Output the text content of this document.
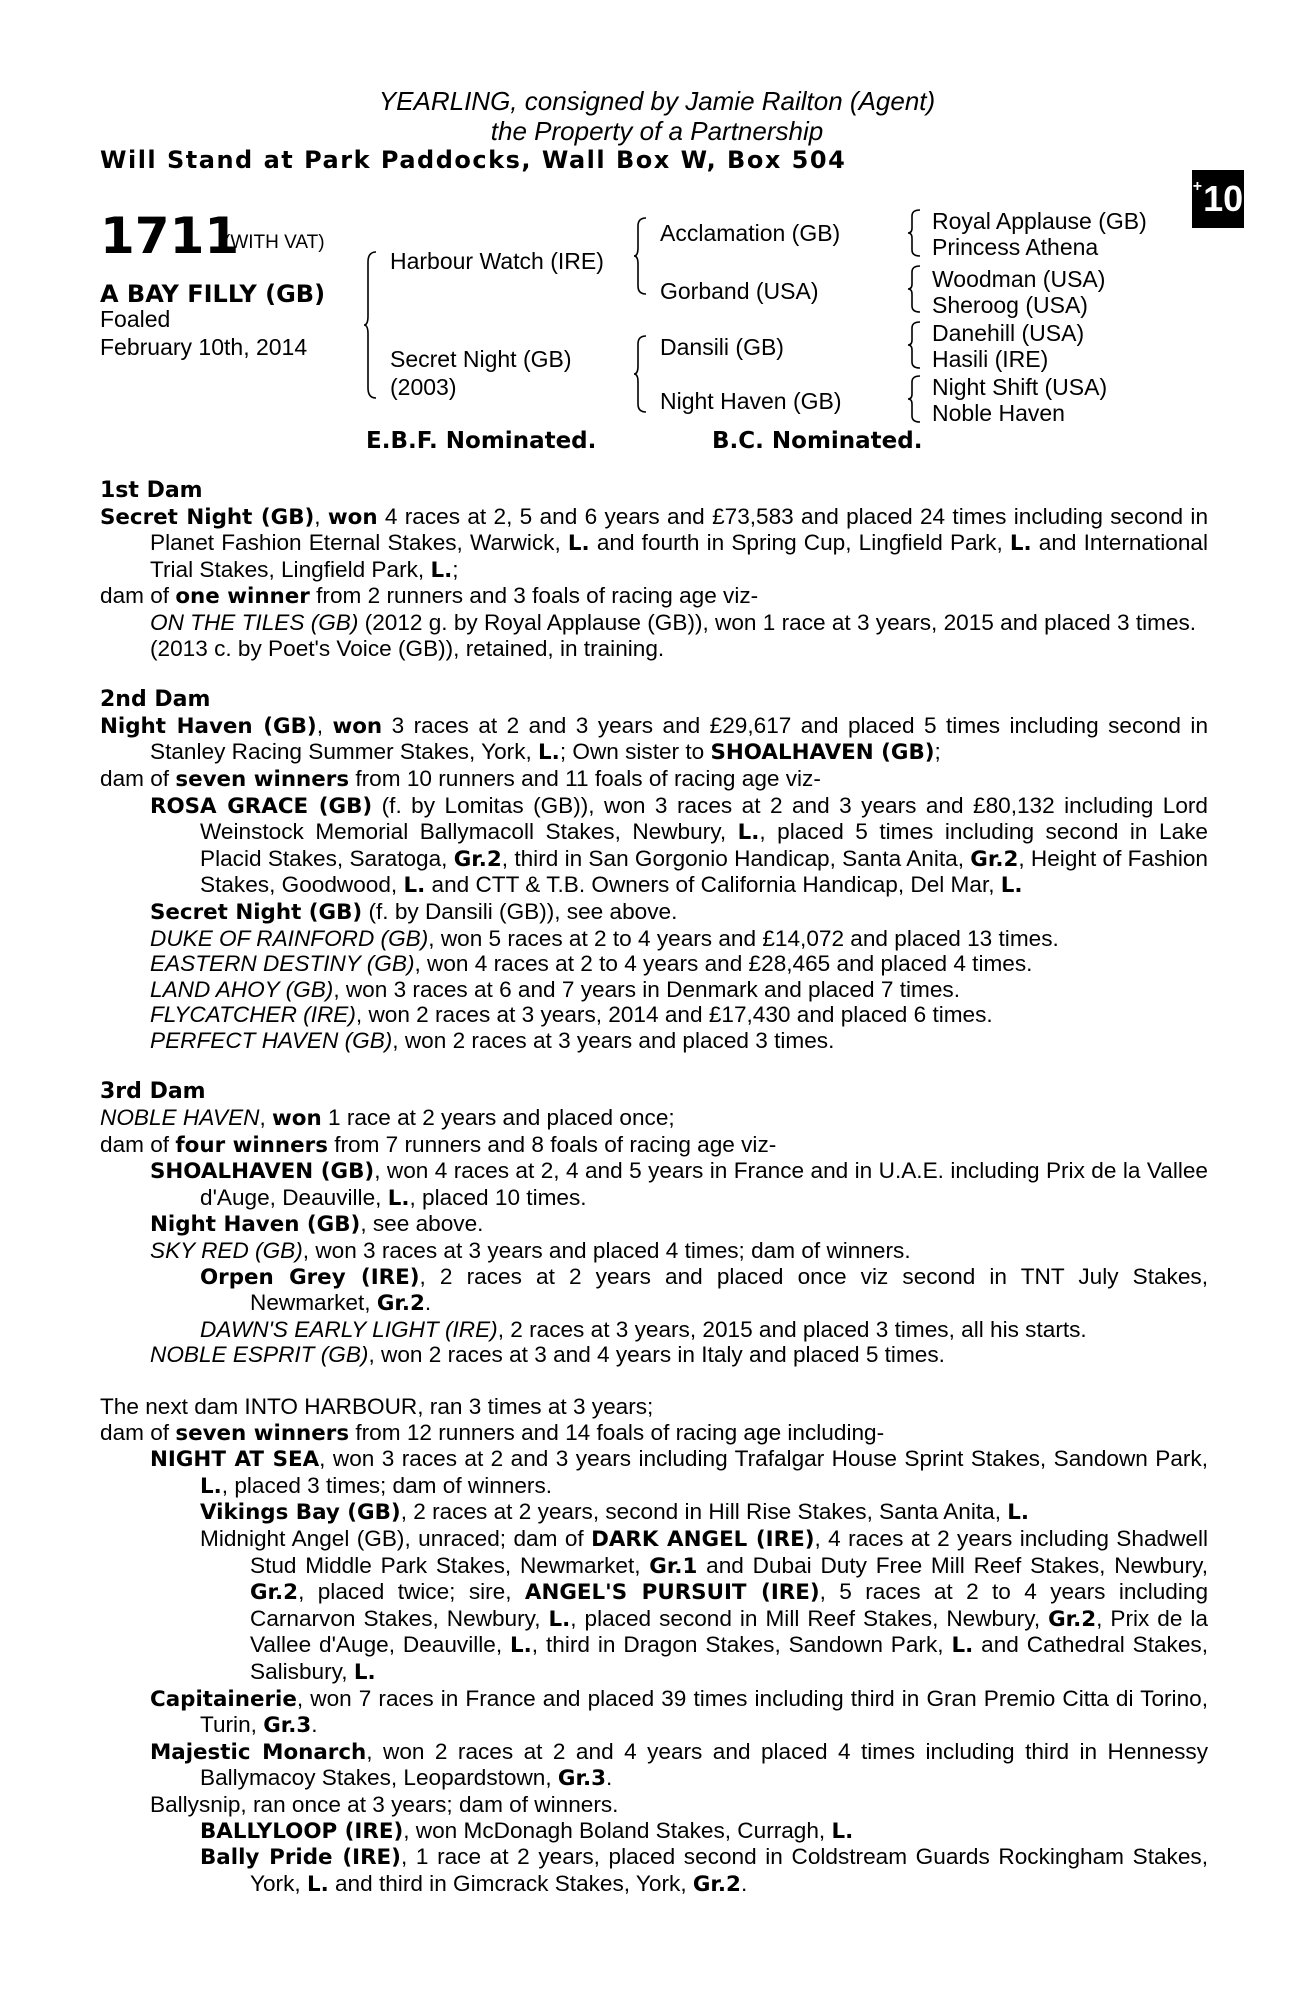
YEARLING, consigned by Jamie Railton (Agent)
the Property of a Partnership
Will Stand at Park Paddocks, Wall Box W, Box 504
+ 10
1711
(WITH VAT)
A BAY FILLY (GB)
Foaled
February 10th, 2014
Harbour Watch (IRE)
Secret Night (GB)
(2003)
Acclamation (GB)
Gorband (USA)
Dansili (GB)
Night Haven (GB)
Royal Applause (GB)
Princess Athena
Woodman (USA)
Sheroog (USA)
Danehill (USA)
Hasili (IRE)
Night Shift (USA)
Noble Haven
E.B.F. Nominated.	B.C. Nominated.
1st Dam
Secret Night (GB), won 4 races at 2, 5 and 6 years and £73,583 and placed 24 times including second in Planet Fashion Eternal Stakes, Warwick, L. and fourth in Spring Cup, Lingfield Park, L. and International Trial Stakes, Lingfield Park, L.;
dam of one winner from 2 runners and 3 foals of racing age viz-
ON THE TILES (GB) (2012 g. by Royal Applause (GB)), won 1 race at 3 years, 2015 and placed 3 times.
(2013 c. by Poet's Voice (GB)), retained, in training.
2nd Dam
Night Haven (GB), won 3 races at 2 and 3 years and £29,617 and placed 5 times including second in Stanley Racing Summer Stakes, York, L.; Own sister to SHOALHAVEN (GB);
dam of seven winners from 10 runners and 11 foals of racing age viz-
ROSA GRACE (GB) (f. by Lomitas (GB)), won 3 races at 2 and 3 years and £80,132 including Lord Weinstock Memorial Ballymacoll Stakes, Newbury, L., placed 5 times including second in Lake Placid Stakes, Saratoga, Gr.2, third in San Gorgonio Handicap, Santa Anita, Gr.2, Height of Fashion Stakes, Goodwood, L. and CTT & T.B. Owners of California Handicap, Del Mar, L.
Secret Night (GB) (f. by Dansili (GB)), see above.
DUKE OF RAINFORD (GB), won 5 races at 2 to 4 years and £14,072 and placed 13 times.
EASTERN DESTINY (GB), won 4 races at 2 to 4 years and £28,465 and placed 4 times.
LAND AHOY (GB), won 3 races at 6 and 7 years in Denmark and placed 7 times.
FLYCATCHER (IRE), won 2 races at 3 years, 2014 and £17,430 and placed 6 times.
PERFECT HAVEN (GB), won 2 races at 3 years and placed 3 times.
3rd Dam
NOBLE HAVEN, won 1 race at 2 years and placed once;
dam of four winners from 7 runners and 8 foals of racing age viz-
SHOALHAVEN (GB), won 4 races at 2, 4 and 5 years in France and in U.A.E. including Prix de la Vallee d'Auge, Deauville, L., placed 10 times.
Night Haven (GB), see above.
SKY RED (GB), won 3 races at 3 years and placed 4 times; dam of winners.
Orpen Grey (IRE), 2 races at 2 years and placed once viz second in TNT July Stakes, Newmarket, Gr.2.
DAWN'S EARLY LIGHT (IRE), 2 races at 3 years, 2015 and placed 3 times, all his starts.
NOBLE ESPRIT (GB), won 2 races at 3 and 4 years in Italy and placed 5 times.
The next dam INTO HARBOUR, ran 3 times at 3 years;
dam of seven winners from 12 runners and 14 foals of racing age including-
NIGHT AT SEA, won 3 races at 2 and 3 years including Trafalgar House Sprint Stakes, Sandown Park, L., placed 3 times; dam of winners.
Vikings Bay (GB), 2 races at 2 years, second in Hill Rise Stakes, Santa Anita, L.
Midnight Angel (GB), unraced; dam of DARK ANGEL (IRE), 4 races at 2 years including Shadwell Stud Middle Park Stakes, Newmarket, Gr.1 and Dubai Duty Free Mill Reef Stakes, Newbury, Gr.2, placed twice; sire, ANGEL'S PURSUIT (IRE), 5 races at 2 to 4 years including Carnarvon Stakes, Newbury, L., placed second in Mill Reef Stakes, Newbury, Gr.2, Prix de la Vallee d'Auge, Deauville, L., third in Dragon Stakes, Sandown Park, L. and Cathedral Stakes, Salisbury, L.
Capitainerie, won 7 races in France and placed 39 times including third in Gran Premio Citta di Torino, Turin, Gr.3.
Majestic Monarch, won 2 races at 2 and 4 years and placed 4 times including third in Hennessy Ballymacoy Stakes, Leopardstown, Gr.3.
Ballysnip, ran once at 3 years; dam of winners.
BALLYLOOP (IRE), won McDonagh Boland Stakes, Curragh, L.
Bally Pride (IRE), 1 race at 2 years, placed second in Coldstream Guards Rockingham Stakes, York, L. and third in Gimcrack Stakes, York, Gr.2.
